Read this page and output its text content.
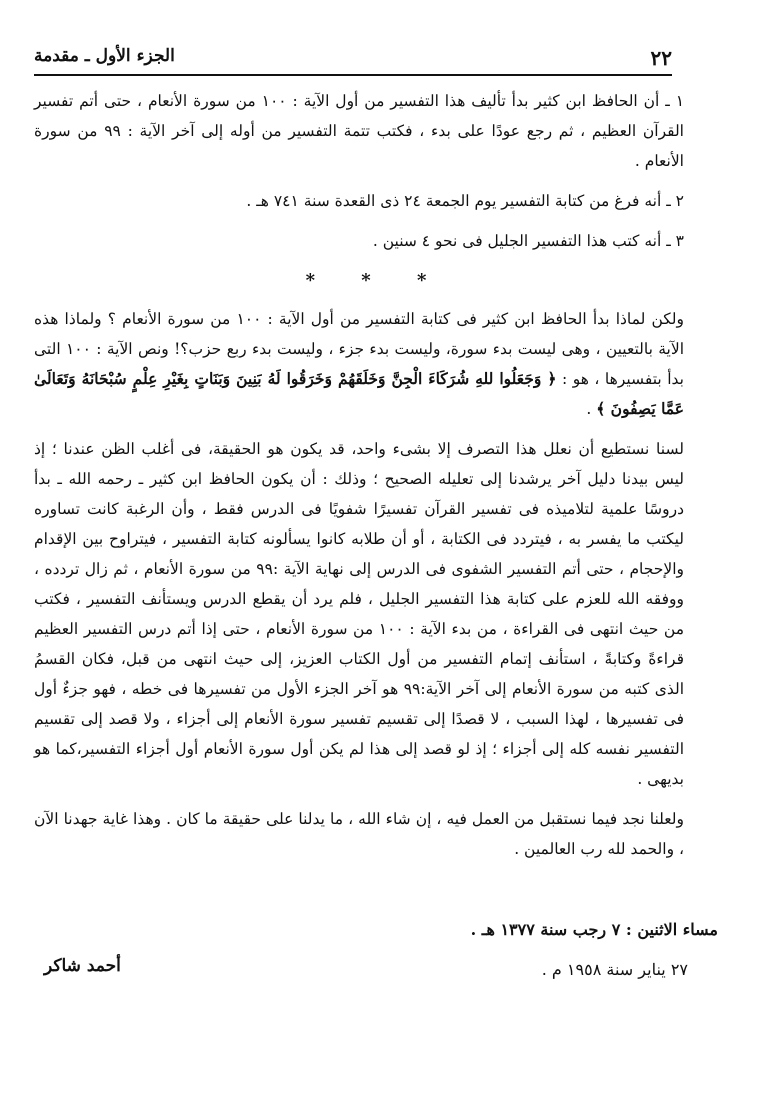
٢٢
الجزء الأول ـ مقدمة

١ ـ أن الحافظ ابن كثير بدأ تأليف هذا التفسير من أول الآية : ١٠٠ من سورة الأنعام ، حتى أتم تفسير القرآن العظيم ، ثم رجع عودًا على بدء ، فكتب تتمة التفسير من أوله إلى آخر الآية : ٩٩ من سورة الأنعام .

٢ ـ أنه فرغ من كتابة التفسير يوم الجمعة ٢٤ ذى القعدة سنة ٧٤١ هـ .

٣ ـ أنه كتب هذا التفسير الجليل فى نحو ٤ سنين .

* * *

ولكن لماذا بدأ الحافظ ابن كثير فى كتابة التفسير من أول الآية : ١٠٠ من سورة الأنعام ؟ ولماذا هذه الآية بالتعيين ، وهى ليست بدء سورة، وليست بدء جزء ، وليست بدء ربع حزب؟! ونص الآية : ١٠٠ التى بدأ بتفسيرها ، هو : ﴿ وَجَعَلُوا للهِ شُرَكَاءَ الْجِنَّ وَخَلَقَهُمْ وَخَرَقُوا لَهُ بَنِينَ وَبَنَاتٍ بِغَيْرِ عِلْمٍ سُبْحَانَهُ وَتَعَالَىٰ عَمَّا يَصِفُونَ ﴾ .

لسنا نستطيع أن نعلل هذا التصرف إلا بشىء واحد، قد يكون هو الحقيقة، فى أغلب الظن عندنا ؛ إذ ليس بيدنا دليل آخر يرشدنا إلى تعليله الصحيح ؛ وذلك : أن يكون الحافظ ابن كثير ـ رحمه الله ـ بدأ دروسًا علمية لتلاميذه فى تفسير القرآن تفسيرًا شفويًا فى الدرس فقط ، وأن الرغبة كانت تساوره ليكتب ما يفسر به ، فيتردد فى الكتابة ، أو أن طلابه كانوا يسألونه كتابة التفسير ، فيتراوح بين الإقدام والإحجام ، حتى أتم التفسير الشفوى فى الدرس إلى نهاية الآية :٩٩ من سورة الأنعام ، ثم زال تردده ، ووفقه الله للعزم على كتابة هذا التفسير الجليل ، فلم يرد أن يقطع الدرس ويستأنف التفسير ، فكتب من حيث انتهى فى القراءة ، من بدء الآية : ١٠٠ من سورة الأنعام ، حتى إذا أتم درس التفسير العظيم قراءةً وكتابةً ، استأنف إتمام التفسير من أول الكتاب العزيز، إلى حيث انتهى من قبل، فكان القسمُ الذى كتبه من سورة الأنعام إلى آخر الآية:٩٩ هو آخر الجزء الأول من تفسيرها فى خطه ، فهو جزءٌ أول فى تفسيرها ، لهذا السبب ، لا قصدًا إلى تقسيم تفسير سورة الأنعام إلى أجزاء ، ولا قصد إلى تقسيم التفسير نفسه كله إلى أجزاء ؛ إذ لو قصد إلى هذا لم يكن أول سورة الأنعام أول أجزاء التفسير،كما هو بديهى .

ولعلنا نجد فيما نستقبل من العمل فيه ، إن شاء الله ، ما يدلنا على حقيقة ما كان . وهذا غاية جهدنا الآن ، والحمد لله رب العالمين .

مساء الاثنين : ٧ رجب سنة ١٣٧٧ هـ .
٢٧ يناير سنة ١٩٥٨ م .
أحمد شاكر
